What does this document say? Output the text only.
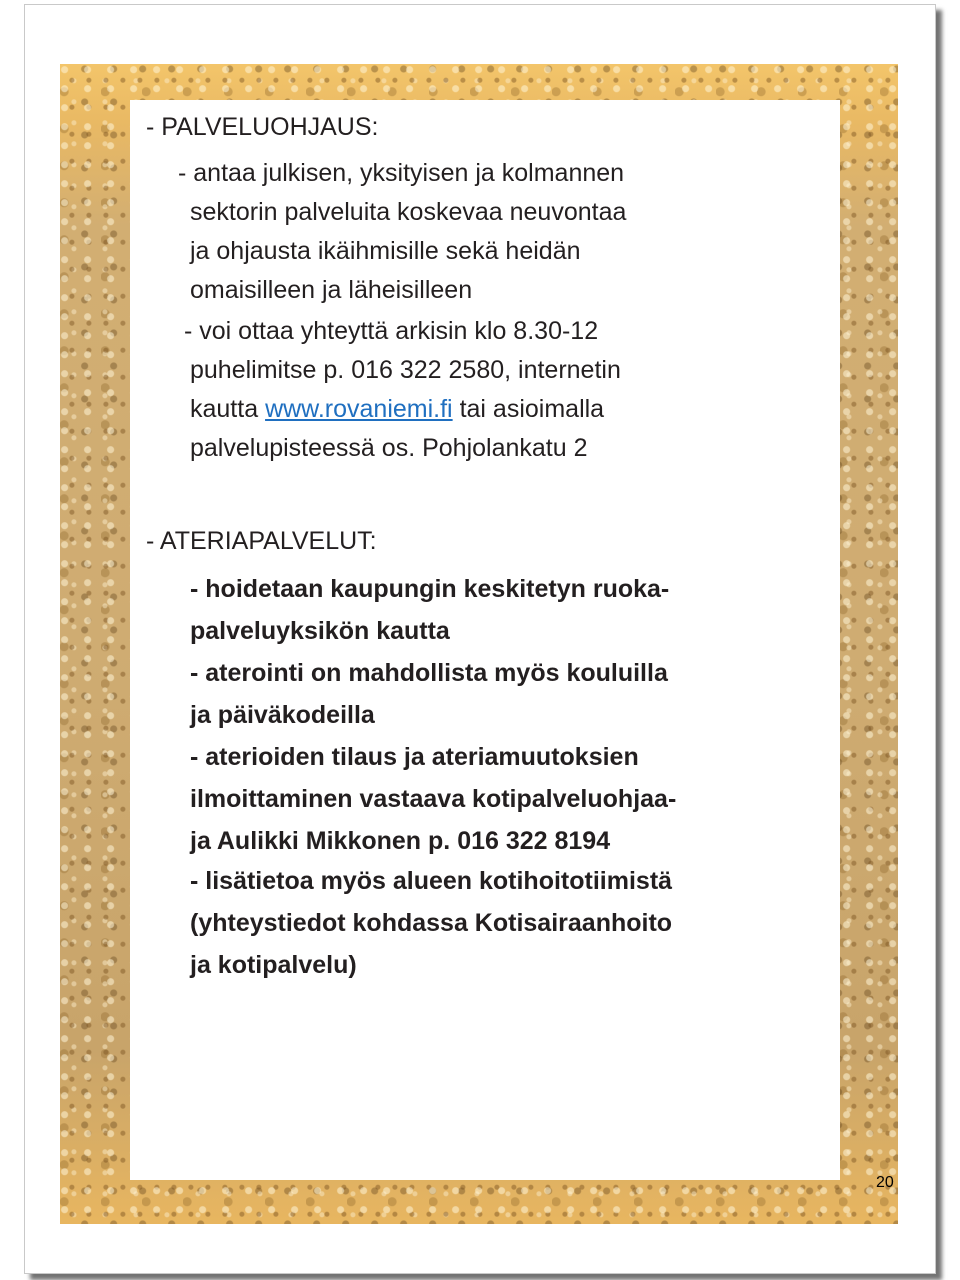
- PALVELUOHJAUS:
- antaa julkisen, yksityisen ja kolmannen
sektorin palveluita koskevaa neuvontaa
ja ohjausta ikäihmisille sekä heidän
omaisilleen ja läheisilleen
- voi ottaa yhteyttä arkisin klo 8.30-12
puhelimitse p. 016 322 2580, internetin
kautta www.rovaniemi.fi tai asioimalla
palvelupisteessä os. Pohjolankatu 2
- ATERIAPALVELUT:
- hoidetaan kaupungin keskitetyn ruoka-
palveluyksikön kautta
- aterointi on mahdollista myös kouluilla
ja päiväkodeilla
- aterioiden tilaus ja ateriamuutoksien
ilmoittaminen vastaava kotipalveluohjaa-
ja Aulikki Mikkonen p. 016 322 8194
- lisätietoa myös alueen kotihoitotiimistä
(yhteystiedot kohdassa Kotisairaanhoito
ja kotipalvelu)
20
